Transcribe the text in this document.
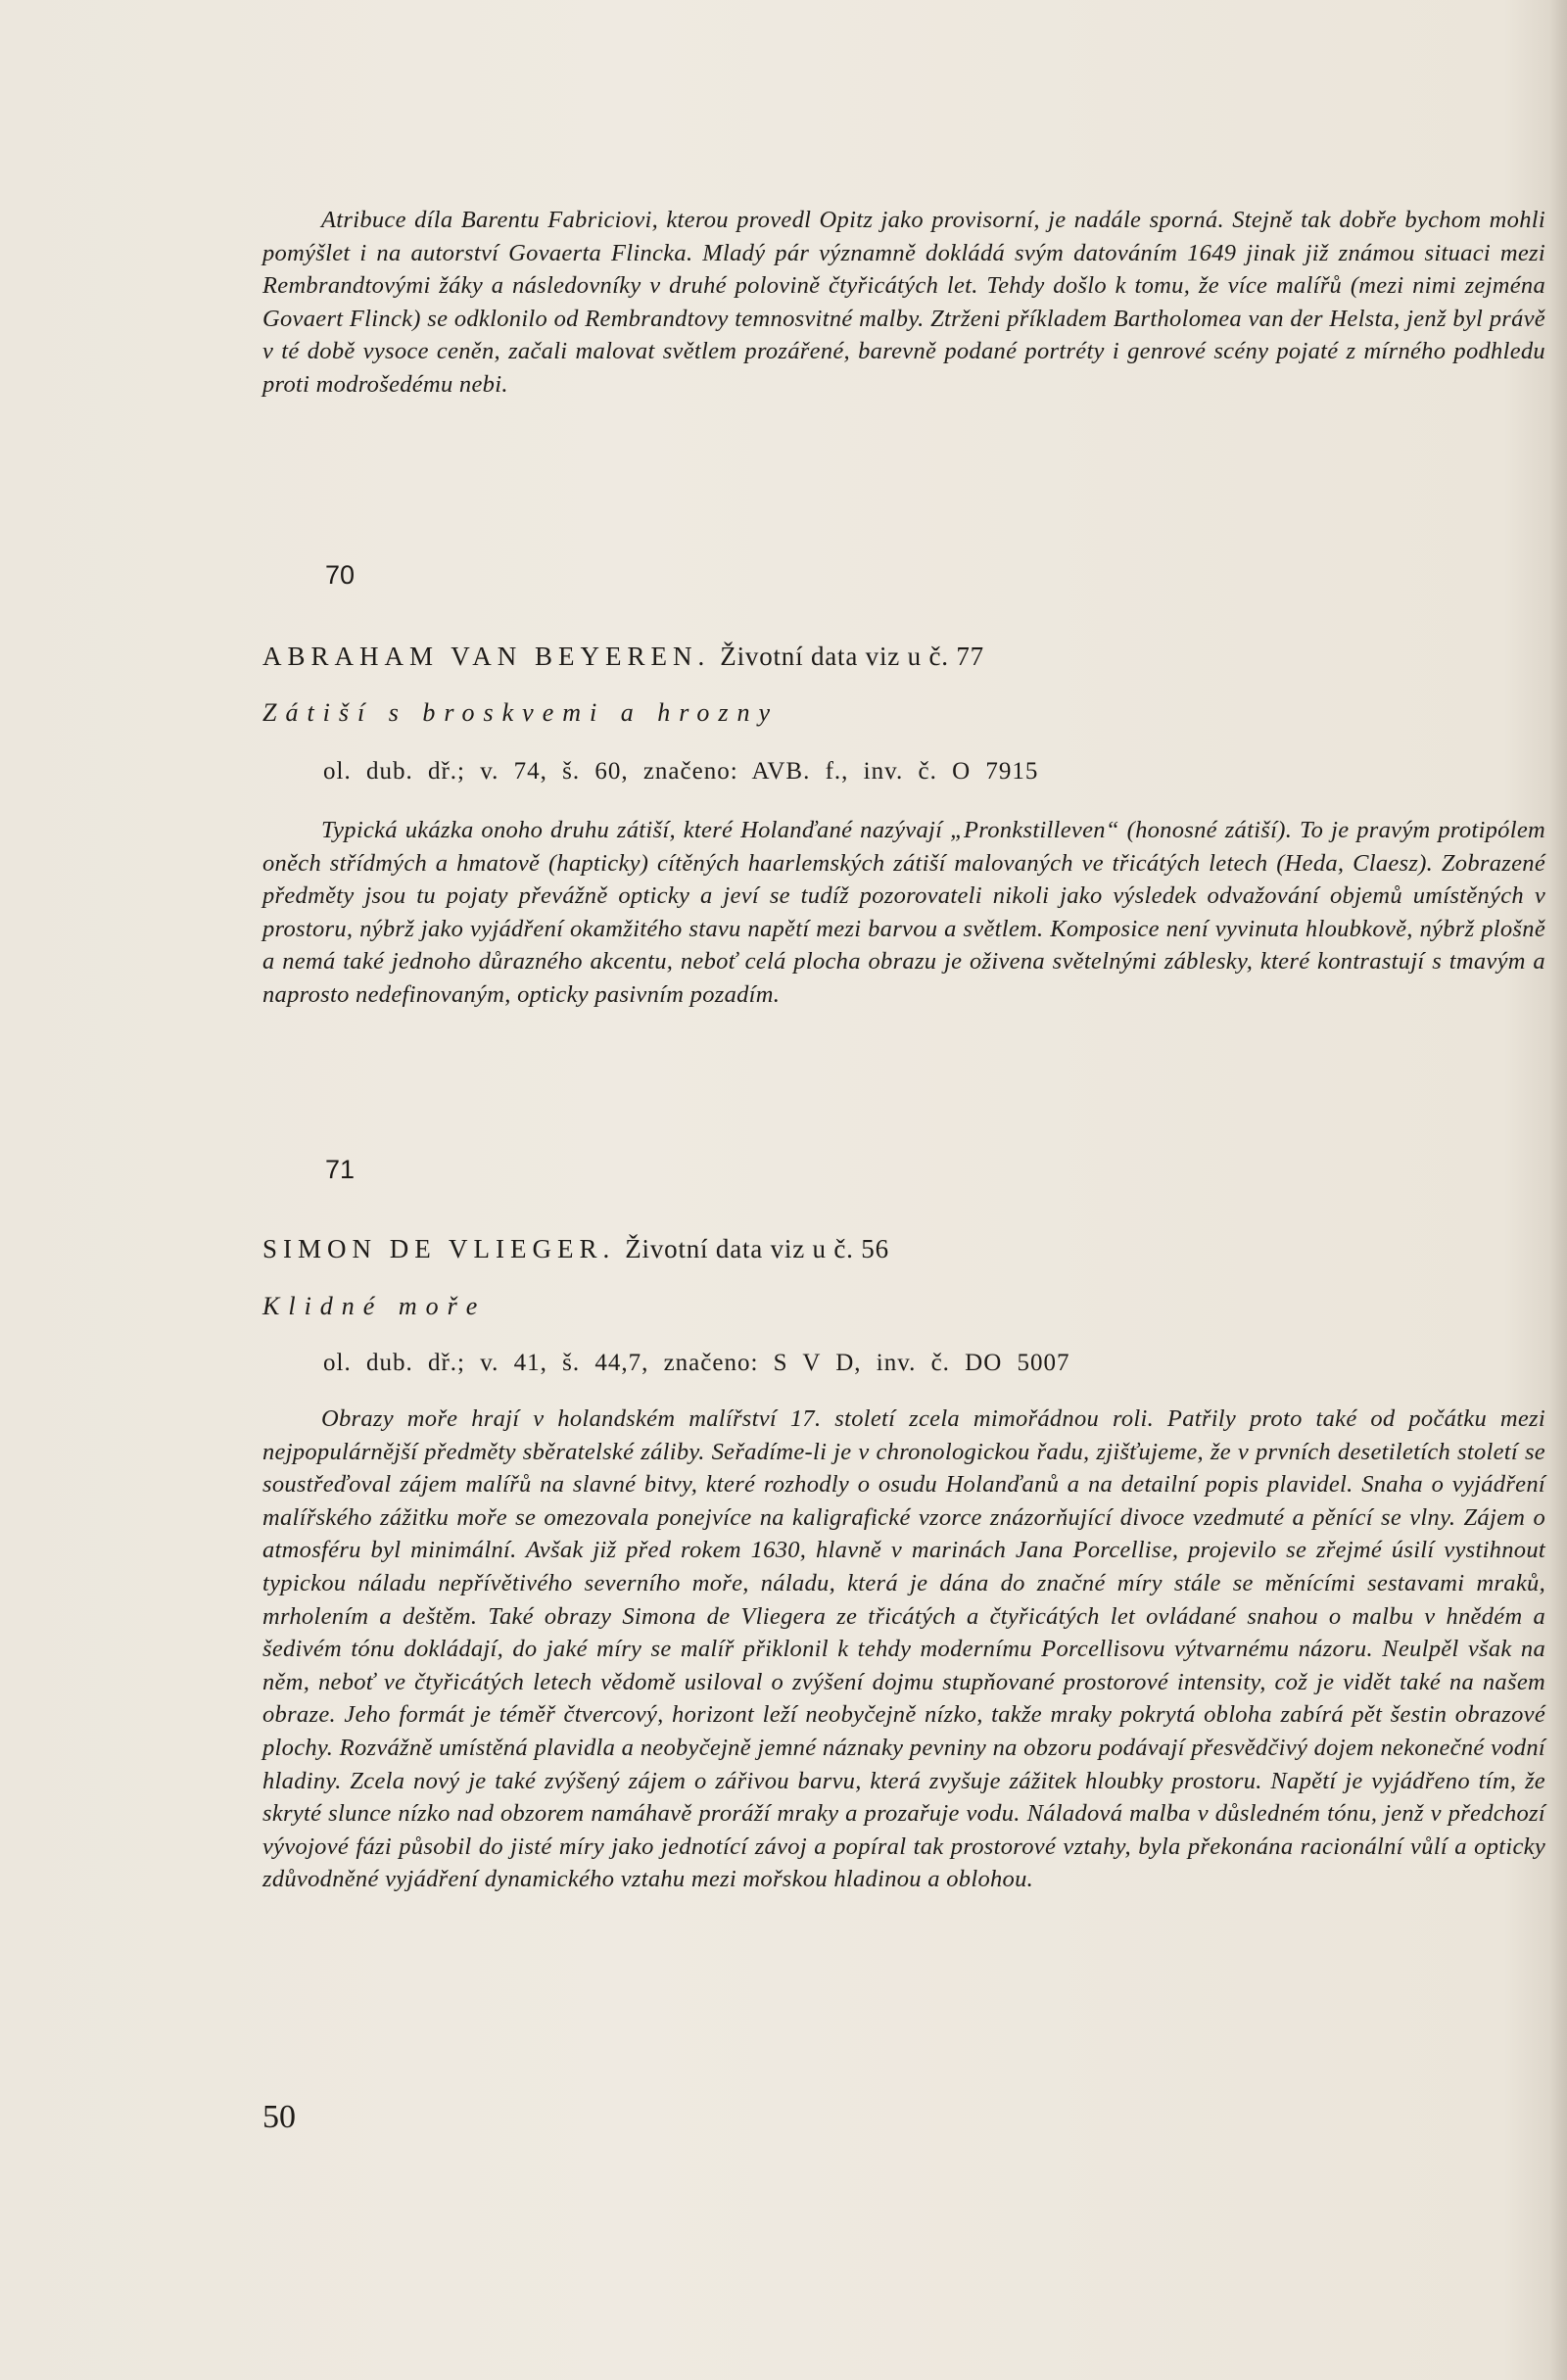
Atribuce díla Barentu Fabriciovi, kterou provedl Opitz jako provisorní, je nadále sporná. Stejně tak dobře bychom mohli pomýšlet i na autorství Govaerta Flincka. Mladý pár významně dokládá svým datováním 1649 jinak již známou situaci mezi Rembrandtovými žáky a následovníky v druhé polovině čtyřicátých let. Tehdy došlo k tomu, že více malířů (mezi nimi zejména Govaert Flinck) se odklonilo od Rembrandtovy temnosvitné malby. Ztrženi příkladem Bartholomea van der Helsta, jenž byl právě v té době vysoce ceněn, začali malovat světlem prozářené, barevně podané portréty i genrové scény pojaté z mírného podhledu proti modrošedému nebi.

70

ABRAHAM VAN BEYEREN. Životní data viz u č. 77

Zátiší s broskvemi a hrozny

ol. dub. dř.; v. 74, š. 60, značeno: AVB. f., inv. č. O 7915

Typická ukázka onoho druhu zátiší, které Holanďané nazývají „Pronkstilleven“ (honosné zátiší). To je pravým protipólem oněch střídmých a hmatově (hapticky) cítěných haarlemských zátiší malovaných ve třicátých letech (Heda, Claesz). Zobrazené předměty jsou tu pojaty převážně opticky a jeví se tudíž pozorovateli nikoli jako výsledek odvažování objemů umístěných v prostoru, nýbrž jako vyjádření okamžitého stavu napětí mezi barvou a světlem. Komposice není vyvinuta hloubkově, nýbrž plošně a nemá také jednoho důrazného akcentu, neboť celá plocha obrazu je oživena světelnými záblesky, které kontrastují s tmavým a naprosto nedefinovaným, opticky pasivním pozadím.

71

SIMON DE VLIEGER. Životní data viz u č. 56

Klidné moře

ol. dub. dř.; v. 41, š. 44,7, značeno: S V D, inv. č. DO 5007

Obrazy moře hrají v holandském malířství 17. století zcela mimořádnou roli. Patřily proto také od počátku mezi nejpopulárnější předměty sběratelské záliby. Seřadíme-li je v chronologickou řadu, zjišťujeme, že v prvních desetiletích století se soustřeďoval zájem malířů na slavné bitvy, které rozhodly o osudu Holanďanů a na detailní popis plavidel. Snaha o vyjádření malířského zážitku moře se omezovala ponejvíce na kaligrafické vzorce znázorňující divoce vzedmuté a pěnící se vlny. Zájem o atmosféru byl minimální. Avšak již před rokem 1630, hlavně v marinách Jana Porcellise, projevilo se zřejmé úsilí vystihnout typickou náladu nepřívětivého severního moře, náladu, která je dána do značné míry stále se měnícími sestavami mraků, mrholením a deštěm. Také obrazy Simona de Vliegera ze třicátých a čtyřicátých let ovládané snahou o malbu v hnědém a šedivém tónu dokládají, do jaké míry se malíř přiklonil k tehdy modernímu Porcellisovu výtvarnému názoru. Neulpěl však na něm, neboť ve čtyřicátých letech vědomě usiloval o zvýšení dojmu stupňované prostorové intensity, což je vidět také na našem obraze. Jeho formát je téměř čtvercový, horizont leží neobyčejně nízko, takže mraky pokrytá obloha zabírá pět šestin obrazové plochy. Rozvážně umístěná plavidla a neobyčejně jemné náznaky pevniny na obzoru podávají přesvědčivý dojem nekonečné vodní hladiny. Zcela nový je také zvýšený zájem o zářivou barvu, která zvyšuje zážitek hloubky prostoru. Napětí je vyjádřeno tím, že skryté slunce nízko nad obzorem namáhavě proráží mraky a prozařuje vodu. Náladová malba v důsledném tónu, jenž v předchozí vývojové fázi působil do jisté míry jako jednotící závoj a popíral tak prostorové vztahy, byla překonána racionální vůlí a opticky zdůvodněné vyjádření dynamického vztahu mezi mořskou hladinou a oblohou.

50
